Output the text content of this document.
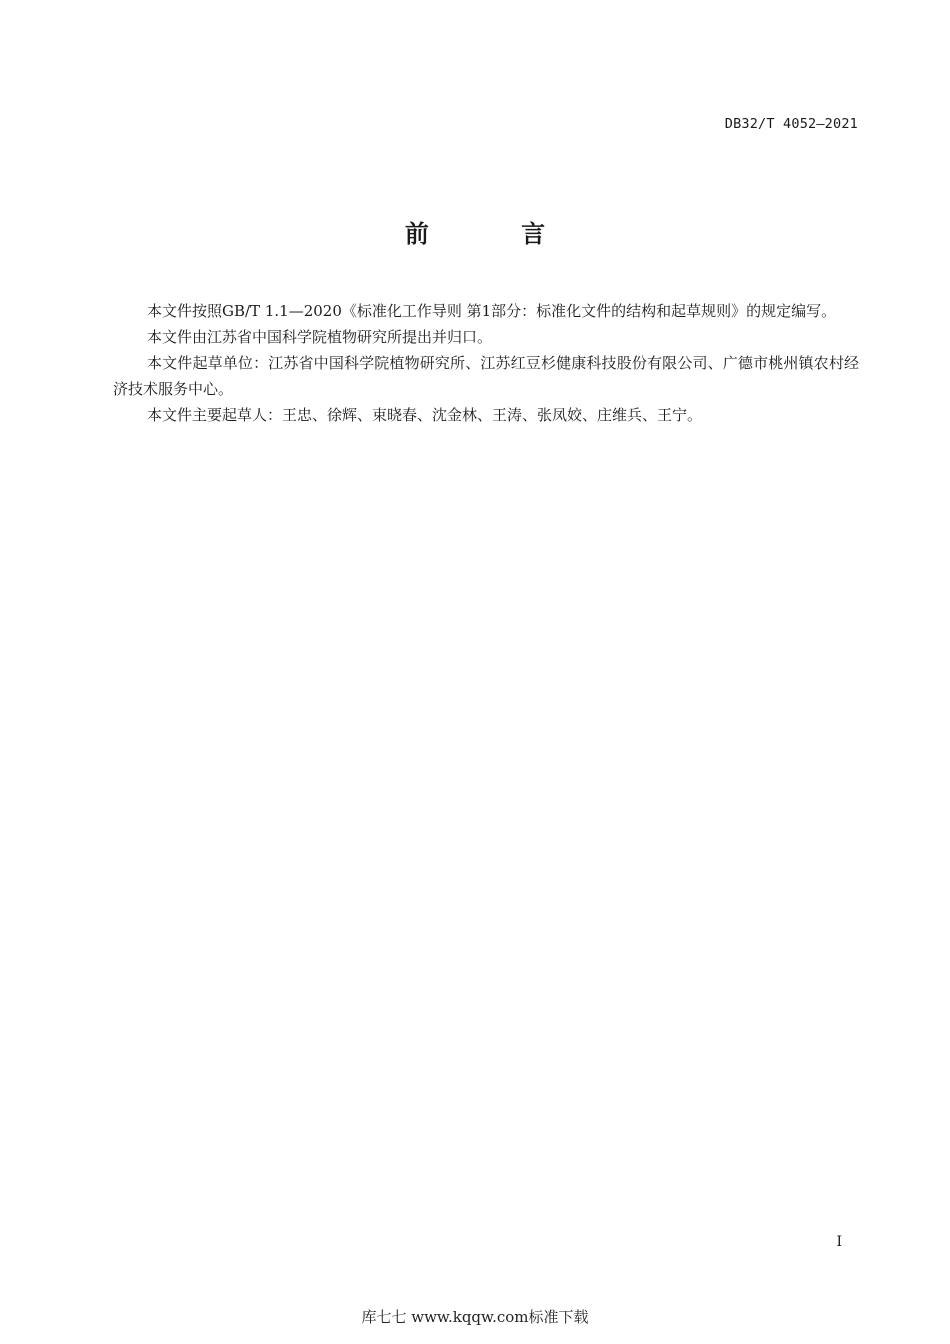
DB32/T 4052—2021
前 言

本文件按照GB/T 1.1—2020《标准化工作导则 第1部分：标准化文件的结构和起草规则》的规定编写。

本文件由江苏省中国科学院植物研究所提出并归口。

本文件起草单位：江苏省中国科学院植物研究所、江苏红豆杉健康科技股份有限公司、广德市桃州镇农村经济技术服务中心。

本文件主要起草人：王忠、徐辉、束晓春、沈金林、王涛、张凤姣、庄维兵、王宁。

I
库七七 www.kqqw.com标准下载
